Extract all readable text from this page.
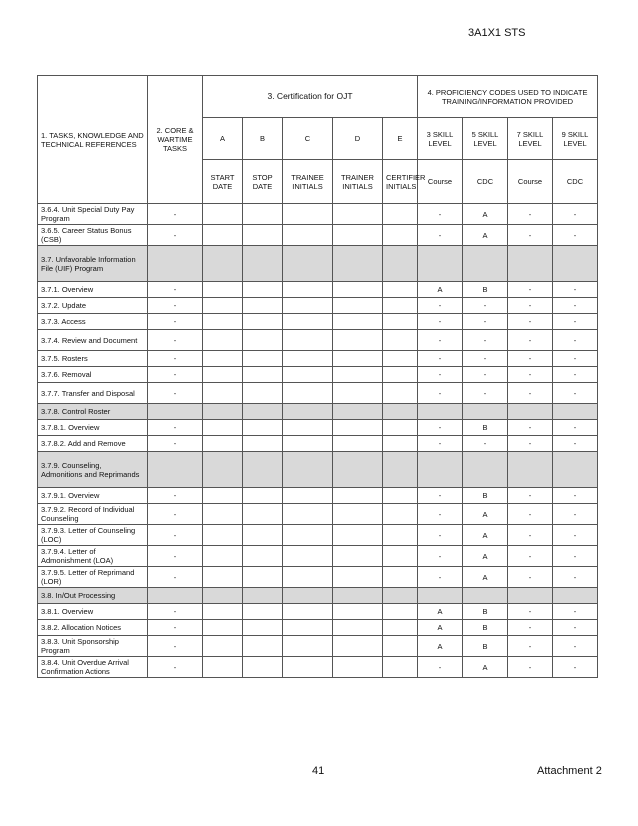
3A1X1 STS
1. TASKS, KNOWLEDGE AND TECHNICAL REFERENCES	2. CORE & WARTIME TASKS	3. Certification for OJT					4. PROFICIENCY CODES USED TO INDICATE TRAINING/INFORMATION PROVIDED			
		A	B	C	D	E	3 SKILL LEVEL	5 SKILL LEVEL	7 SKILL LEVEL	9 SKILL LEVEL
		START DATE	STOP DATE	TRAINEE INITIALS	TRAINER INITIALS	CERTIFIER INITIALS	Course	CDC	Course	CDC
3.6.4. Unit Special Duty Pay Program	-						-	A	-	-
3.6.5. Career Status Bonus (CSB)	-						-	A	-	-
3.7. Unfavorable Information File (UIF) Program										
3.7.1. Overview	-						A	B	-	-
3.7.2. Update	-						-	-	-	-
3.7.3. Access	-						-	-	-	-
3.7.4. Review and Document	-						-	-	-	-
3.7.5. Rosters	-						-	-	-	-
3.7.6. Removal	-						-	-	-	-
3.7.7. Transfer and Disposal	-						-	-	-	-
3.7.8. Control Roster										
3.7.8.1. Overview	-						-	B	-	-
3.7.8.2. Add and Remove	-						-	-	-	-
3.7.9. Counseling, Admonitions and Reprimands										
3.7.9.1. Overview	-						-	B	-	-
3.7.9.2. Record of Individual Counseling	-						-	A	-	-
3.7.9.3. Letter of Counseling (LOC)	-						-	A	-	-
3.7.9.4. Letter of Admonishment (LOA)	-						-	A	-	-
3.7.9.5. Letter of Reprimand (LOR)	-						-	A	-	-
3.8. In/Out Processing										
3.8.1. Overview	-						A	B	-	-
3.8.2. Allocation Notices	-						A	B	-	-
3.8.3. Unit Sponsorship Program	-						A	B	-	-
3.8.4. Unit Overdue Arrival Confirmation Actions	-						-	A	-	-
41	Attachment 2
